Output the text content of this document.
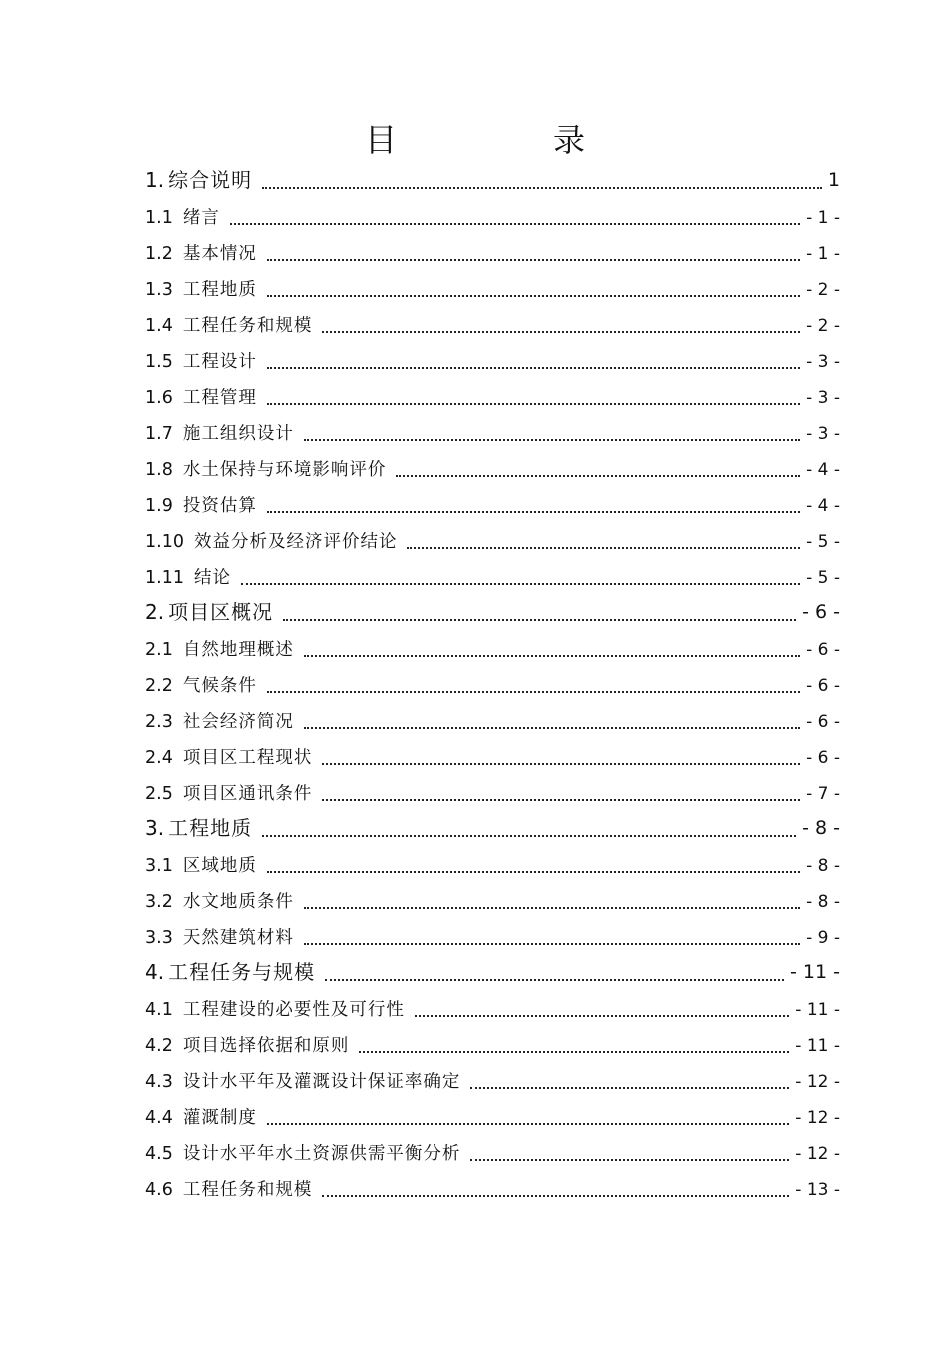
目　录
1. 综合说明	1
1.1 绪言	- 1 -
1.2 基本情况	- 1 -
1.3 工程地质	- 2 -
1.4 工程任务和规模	- 2 -
1.5 工程设计	- 3 -
1.6 工程管理	- 3 -
1.7 施工组织设计	- 3 -
1.8 水土保持与环境影响评价	- 4 -
1.9 投资估算	- 4 -
1.10 效益分析及经济评价结论	- 5 -
1.11 结论	- 5 -
2. 项目区概况	- 6 -
2.1 自然地理概述	- 6 -
2.2 气候条件	- 6 -
2.3 社会经济简况	- 6 -
2.4 项目区工程现状	- 6 -
2.5 项目区通讯条件	- 7 -
3. 工程地质	- 8 -
3.1 区域地质	- 8 -
3.2 水文地质条件	- 8 -
3.3 天然建筑材料	- 9 -
4. 工程任务与规模	- 11 -
4.1 工程建设的必要性及可行性	- 11 -
4.2 项目选择依据和原则	- 11 -
4.3 设计水平年及灌溉设计保证率确定	- 12 -
4.4 灌溉制度	- 12 -
4.5 设计水平年水土资源供需平衡分析	- 12 -
4.6 工程任务和规模	- 13 -
